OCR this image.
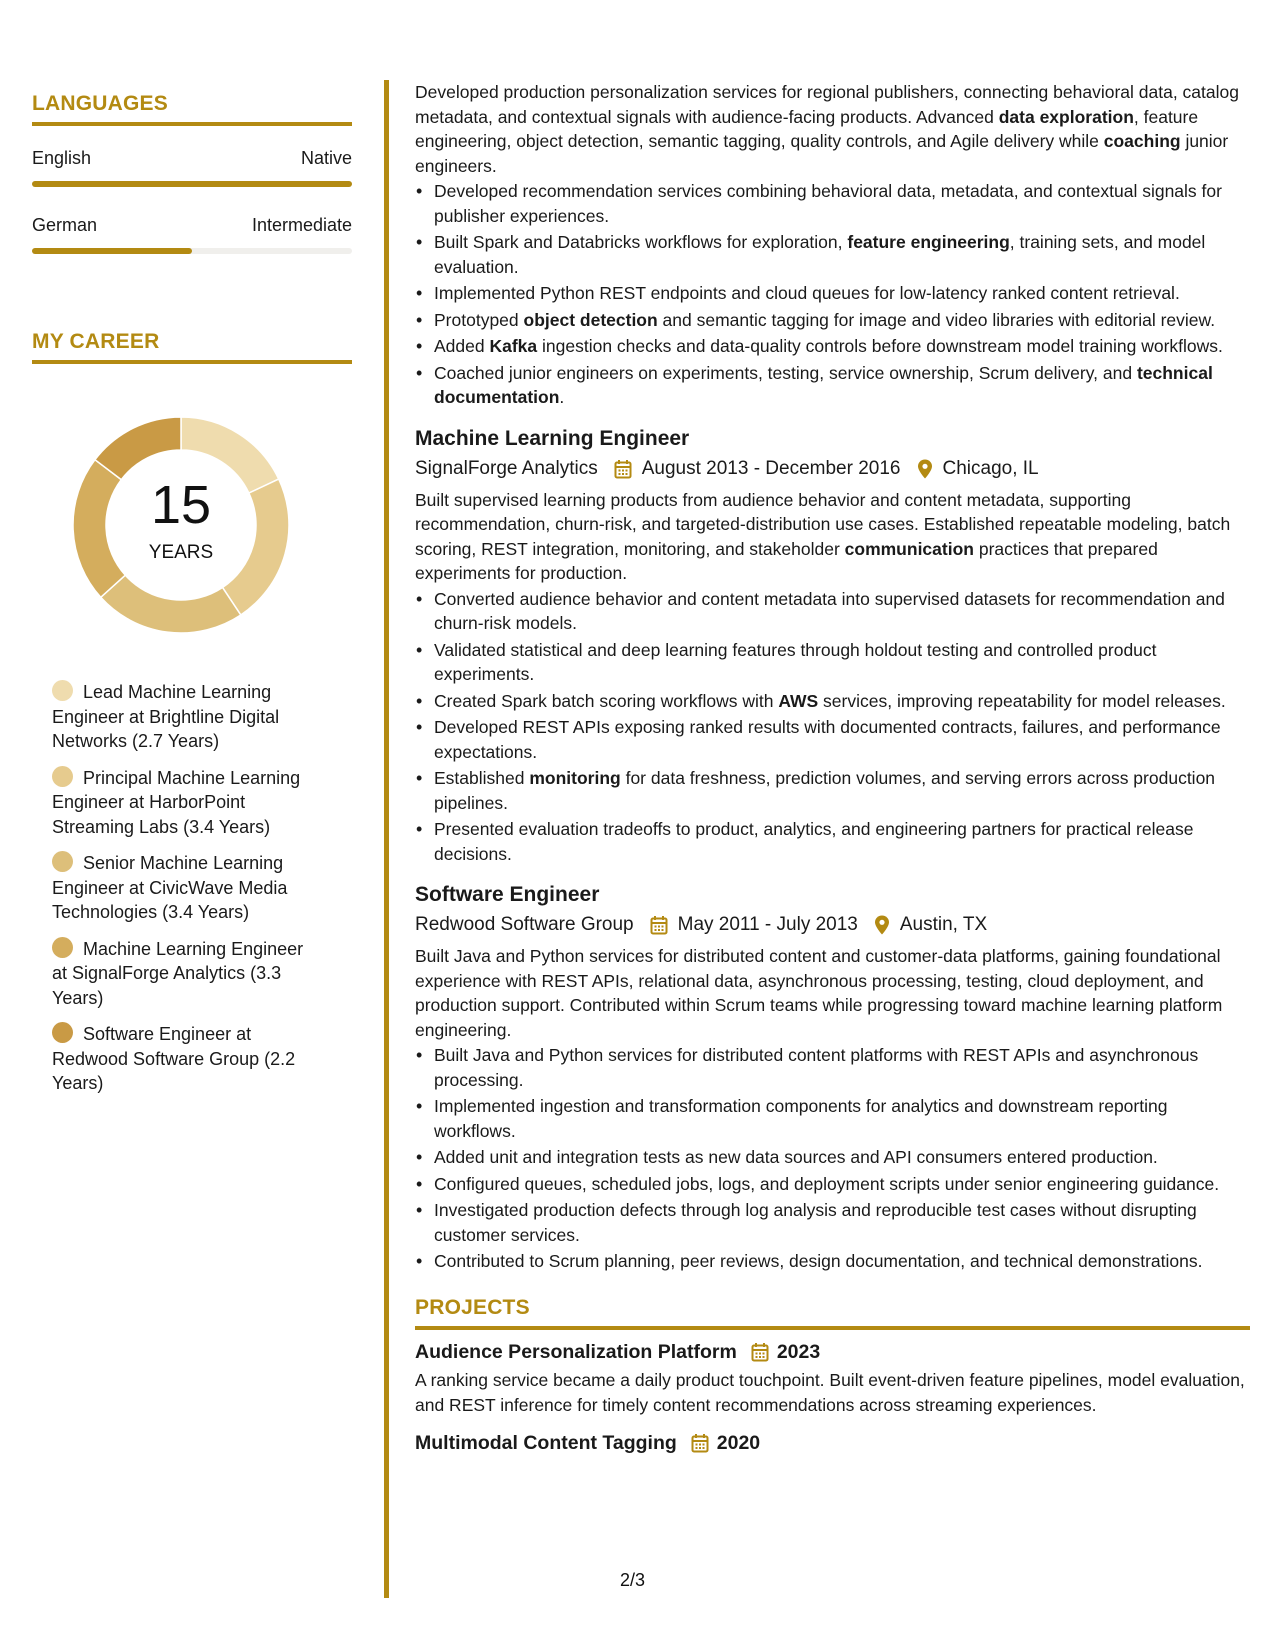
LANGUAGES
English	Native
German	Intermediate
MY CAREER
15
YEARS
Lead Machine Learning Engineer at Brightline Digital Networks (2.7 Years)
Principal Machine Learning Engineer at HarborPoint Streaming Labs (3.4 Years)
Senior Machine Learning Engineer at CivicWave Media Technologies (3.4 Years)
Machine Learning Engineer at SignalForge Analytics (3.3 Years)
Software Engineer at Redwood Software Group (2.2 Years)

Developed production personalization services for regional publishers, connecting behavioral data, catalog metadata, and contextual signals with audience-facing products. Advanced data exploration, feature engineering, object detection, semantic tagging, quality controls, and Agile delivery while coaching junior engineers.

• Developed recommendation services combining behavioral data, metadata, and contextual signals for publisher experiences.
• Built Spark and Databricks workflows for exploration, feature engineering, training sets, and model evaluation.
• Implemented Python REST endpoints and cloud queues for low-latency ranked content retrieval.
• Prototyped object detection and semantic tagging for image and video libraries with editorial review.
• Added Kafka ingestion checks and data-quality controls before downstream model training workflows.
• Coached junior engineers on experiments, testing, service ownership, Scrum delivery, and technical documentation.
Machine Learning Engineer
SignalForge Analytics August 2013 - December 2016 Chicago, IL

Built supervised learning products from audience behavior and content metadata, supporting recommendation, churn-risk, and targeted-distribution use cases. Established repeatable modeling, batch scoring, REST integration, monitoring, and stakeholder communication practices that prepared experiments for production.

• Converted audience behavior and content metadata into supervised datasets for recommendation and churn-risk models.
• Validated statistical and deep learning features through holdout testing and controlled product experiments.
• Created Spark batch scoring workflows with AWS services, improving repeatability for model releases.
• Developed REST APIs exposing ranked results with documented contracts, failures, and performance expectations.
• Established monitoring for data freshness, prediction volumes, and serving errors across production pipelines.
• Presented evaluation tradeoffs to product, analytics, and engineering partners for practical release decisions.
Software Engineer
Redwood Software Group May 2011 - July 2013 Austin, TX

Built Java and Python services for distributed content and customer-data platforms, gaining foundational experience with REST APIs, relational data, asynchronous processing, testing, cloud deployment, and production support. Contributed within Scrum teams while progressing toward machine learning platform engineering.

• Built Java and Python services for distributed content platforms with REST APIs and asynchronous processing.
• Implemented ingestion and transformation components for analytics and downstream reporting workflows.
• Added unit and integration tests as new data sources and API consumers entered production.
• Configured queues, scheduled jobs, logs, and deployment scripts under senior engineering guidance.
• Investigated production defects through log analysis and reproducible test cases without disrupting customer services.
• Contributed to Scrum planning, peer reviews, design documentation, and technical demonstrations.
PROJECTS
Audience Personalization Platform 2023

A ranking service became a daily product touchpoint. Built event-driven feature pipelines, model evaluation, and REST inference for timely content recommendations across streaming experiences.

Multimodal Content Tagging 2020
2/3
